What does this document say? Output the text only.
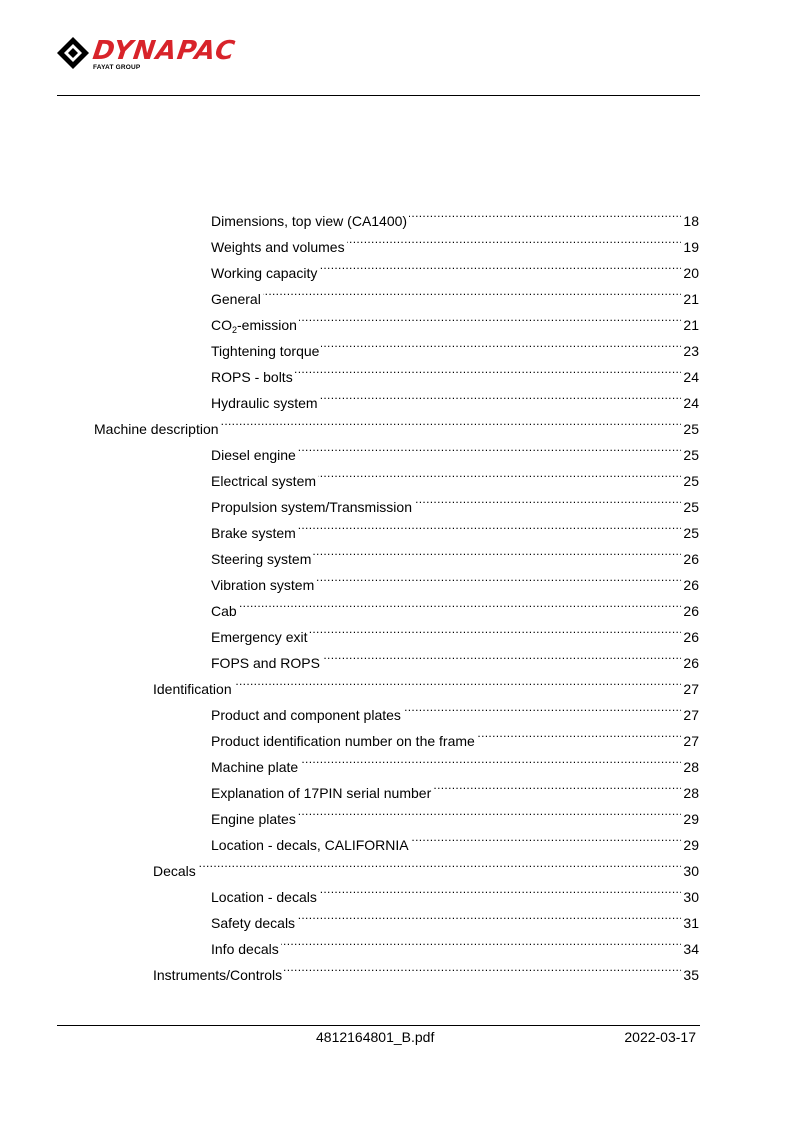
DYNAPAC
FAYAT GROUP
Dimensions, top view (CA1400) . . .	18
Weights and volumes . . .	19
Working capacity . . .	20
General . . .	21
$CO_2$-emission . . .	21
Tightening torque . . .	23
ROPS - bolts . . .	24
Hydraulic system . . .	24
Machine description . . .	25
Diesel engine . . .	25
Electrical system . . .	25
Propulsion system/Transmission . . .	25
Brake system . . .	25
Steering system . . .	26
Vibration system . . .	26
Cab . . .	26
Emergency exit . . .	26
FOPS and ROPS . . .	26
Identification . . .	27
Product and component plates . . .	27
Product identification number on the frame . . .	27
Machine plate . . .	28
Explanation of 17PIN serial number . . .	28
Engine plates . . .	29
Location - decals, CALIFORNIA . . .	29
Decals . . .	30
Location - decals . . .	30
Safety decals . . .	31
Info decals . . .	34
Instruments/Controls . . .	35
4812164801_B.pdf	2022-03-17
